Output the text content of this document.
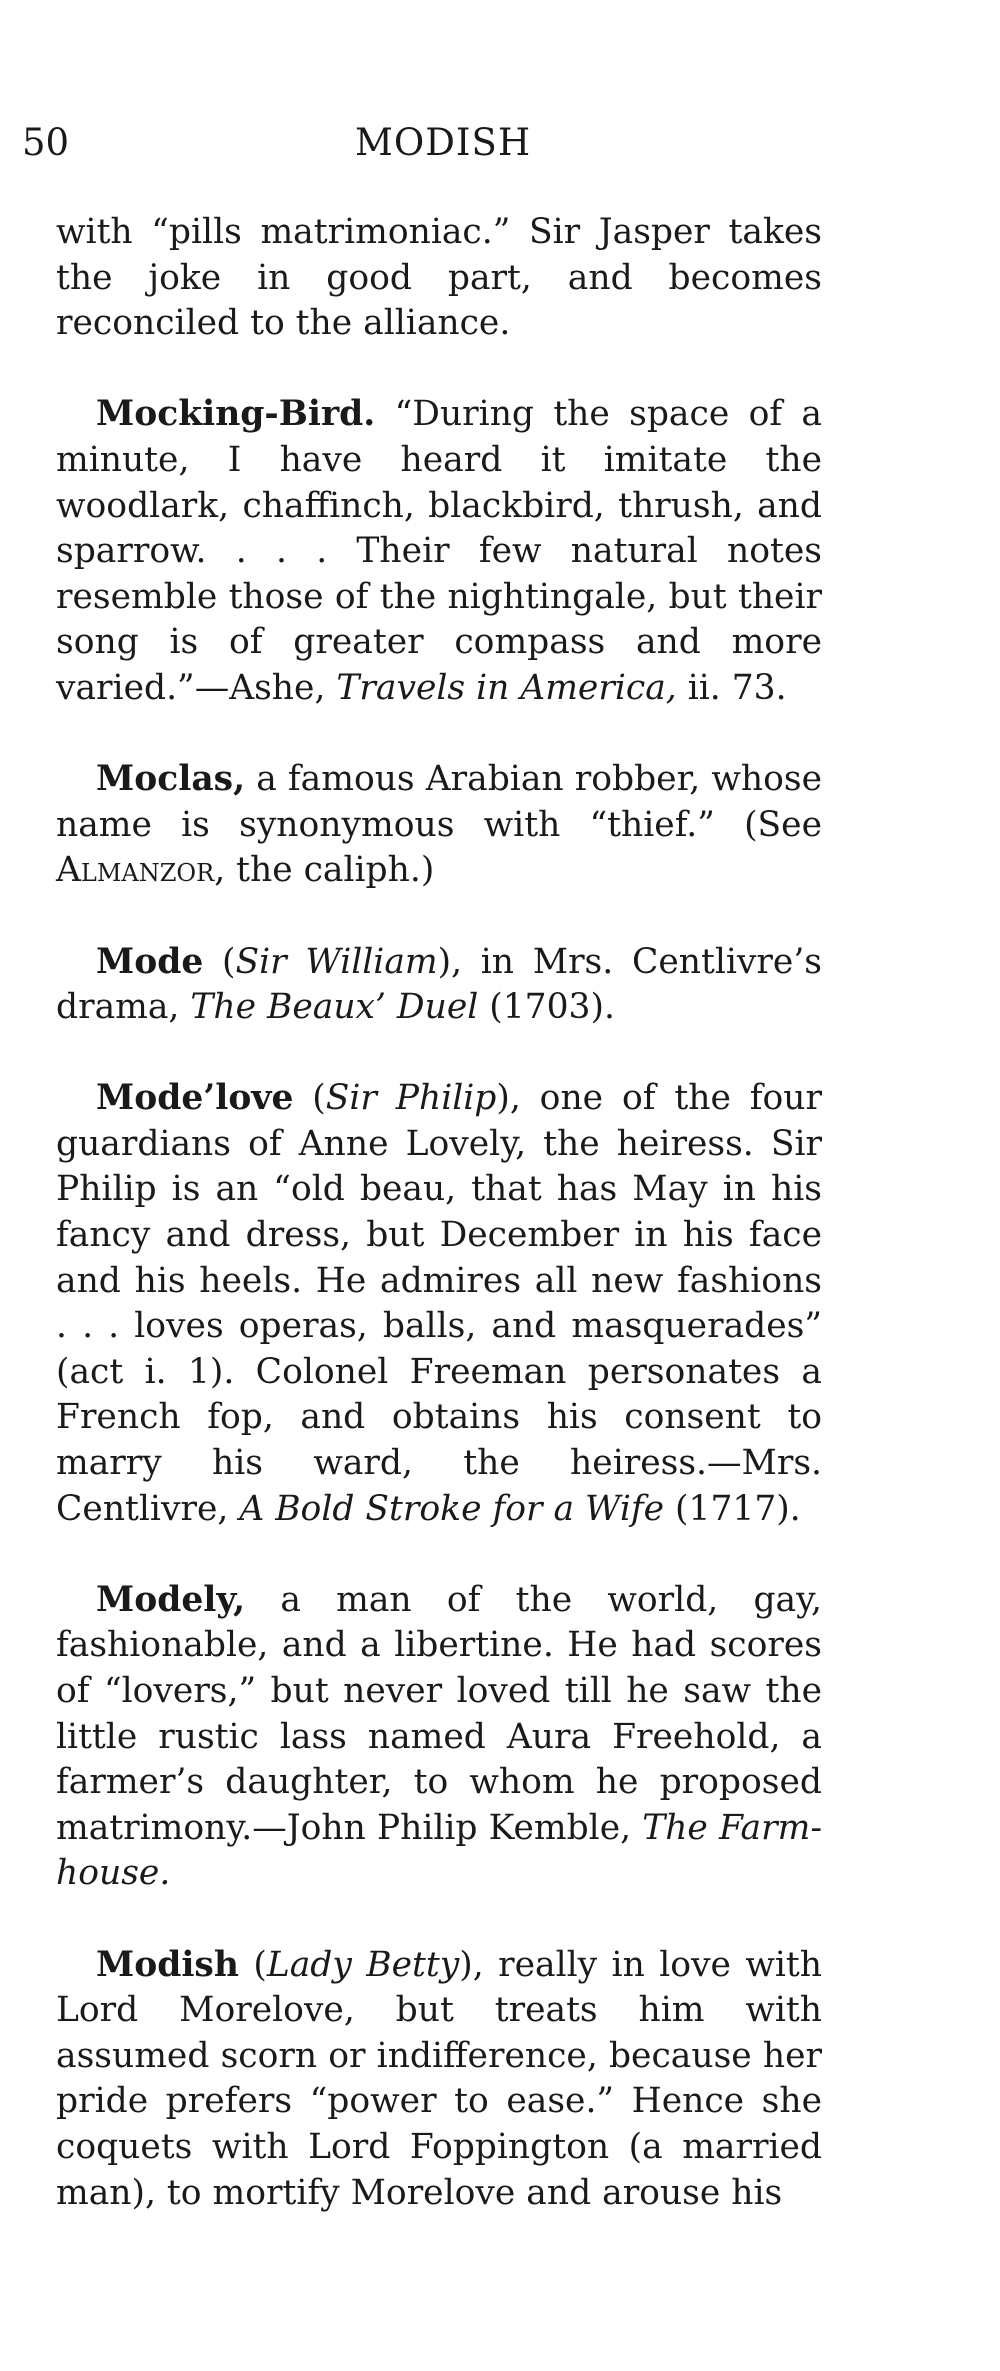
50	MODISH

with “pills matrimoniac.” Sir Jasper takes the joke in good part, and becomes reconciled to the alliance.

Mocking-Bird. “During the space of a minute, I have heard it imitate the woodlark, chaffinch, blackbird, thrush, and sparrow. . . . Their few natural notes resemble those of the nightingale, but their song is of greater compass and more varied.”—Ashe, Travels in America, ii. 73.

Moclas, a famous Arabian robber, whose name is synonymous with “thief.” (See Almanzor, the caliph.)

Mode (Sir William), in Mrs. Centlivre’s drama, The Beaux’ Duel (1703).

Mode’love (Sir Philip), one of the four guardians of Anne Lovely, the heiress. Sir Philip is an “old beau, that has May in his fancy and dress, but December in his face and his heels. He admires all new fashions . . . loves operas, balls, and masquerades” (act i. 1). Colonel Freeman personates a French fop, and obtains his consent to marry his ward, the heiress.—Mrs. Centlivre, A Bold Stroke for a Wife (1717).

Modely, a man of the world, gay, fashionable, and a libertine. He had scores of “lovers,” but never loved till he saw the little rustic lass named Aura Freehold, a farmer’s daughter, to whom he proposed matrimony.—John Philip Kemble, The Farm-house.

Modish (Lady Betty), really in love with Lord Morelove, but treats him with assumed scorn or indifference, because her pride prefers “power to ease.” Hence she coquets with Lord Foppington (a married man), to mortify Morelove and arouse his
